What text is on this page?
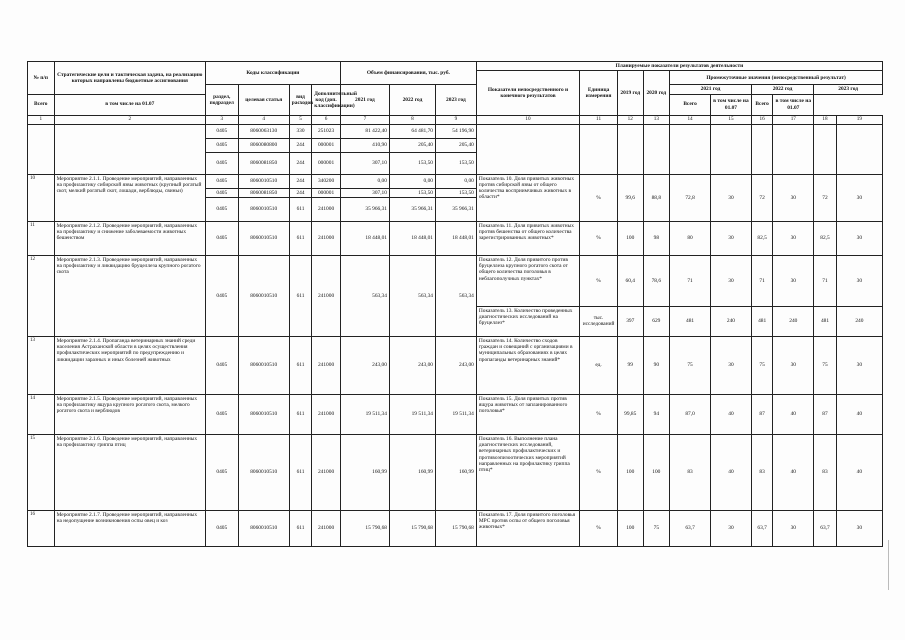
№ п/п	Стратегические цели и тактическая задача, на реализацию которых направлены бюджетные ассигнования	Коды классификации				Объем финансирования, тыс. руб.			Планируемые показатели результатов деятельности									
									Показатели непосредственного и конечного результатов	Единица измерения	2019 год	2020 год	Промежуточные значения (непосредственный результат)					
		раздел, подраздел	целевая статья	вид расходов	Дополнительный код (доп. классификации)	2021 год	2022 год	2023 год					2021 год		2022 год		2023 год	
Всего	в том числе на 01.07												Всего	в том числе на 01.07	Всего	в том числе на 01.07		
1	2	3	4	5	6	7	8	9	10	11	12	13	14	15	16	17	18	19
		0405	8060063130	330	251023	81 422,40	64 481,70	54 196,90										
		0405	8060080800	244	000001	410,90	205,40	205,40										
		0405	8060081850	244	000001	307,10	153,50	153,50										
10	Мероприятие 2.1.1. Проведение мероприятий, направленных на профилактику сибирской язвы животных (крупный рогатый скот, мелкий рогатый скот, лошади, верблюды, свиньи)	0405	8060010510	244	340200	0,00	0,00	0,00	Показатель 10. Доля привитых животных против сибирской язвы от общего количества восприимчивых животных в области*	%	99,6	88,8	72,8	30	72	30	72	30
		0405	8060081850	244	000001	307,10	153,50	153,50										
		0405	8060010510	611	241000	35 966,31	35 966,31	35 966,31										
11	Мероприятие 2.1.2. Проведение мероприятий, направленных на профилактику и снижение заболеваемости животных бешенством	0405	8060010510	611	241000	18 448,01	18 448,01	18 448,01	Показатель 11. Доля привитых животных против бешенства от общего количества зарегистрированных животных*	%	100	98	80	30	82,5	30	82,5	30
12	Мероприятие 2.1.3. Проведение мероприятий, направленных на профилактику и ликвидацию бруцеллеза крупного рогатого скота	0405	8060010510	611	241000	563,34	563,34	563,34	Показатель 12. Доля привитого против бруцеллеза крупного рогатого скота от общего количества поголовья в неблагополучных пунктах*	%	60,4	78,6	71	30	71	30	71	30
									Показатель 13. Количество проведенных диагностических исследований на бруцеллез*	тыс. исследований	397	629	481	240	481	240	481	240
13	Мероприятие 2.1.4. Пропаганда ветеринарных знаний среди населения Астраханской области в целях осуществления профилактических мероприятий по предупреждению и ликвидации заразных и иных болезней животных	0405	8060010510	611	241000	243,00	243,00	243,00	Показатель 14. Количество сходов граждан и совещаний с организациями в муниципальных образованиях в целях пропаганды ветеринарных знаний*	ед.	99	90	75	30	75	30	75	30
14	Мероприятие 2.1.5. Проведение мероприятий, направленных на профилактику ящура крупного рогатого скота, мелкого рогатого скота и верблюдов	0405	8060010510	611	241000	19 511,34	19 511,34	19 511,34	Показатель 15. Доля привитых против ящура животных от запланированного поголовья*	%	99,85	94	87,0	40	87	40	87	40
15	Мероприятие 2.1.6. Проведение мероприятий, направленных на профилактику гриппа птиц	0405	8060010510	611	241000	160,99	160,99	160,99	Показатель 16. Выполнение плана диагностических исследований, ветеринарных профилактических и противоэпизоотических мероприятий направленных на профилактику гриппа птиц*	%	100	100	83	40	83	40	83	40
16	Мероприятие 2.1.7. Проведение мероприятий, направленных на недопущение возникновения оспы овец и коз	0405	8060010510	611	241000	15 790,68	15 790,68	15 790,68	Показатель 17. Доля привитого поголовья МРС против оспы от общего поголовья животных*	%	100	75	63,7	30	63,7	30	63,7	30
